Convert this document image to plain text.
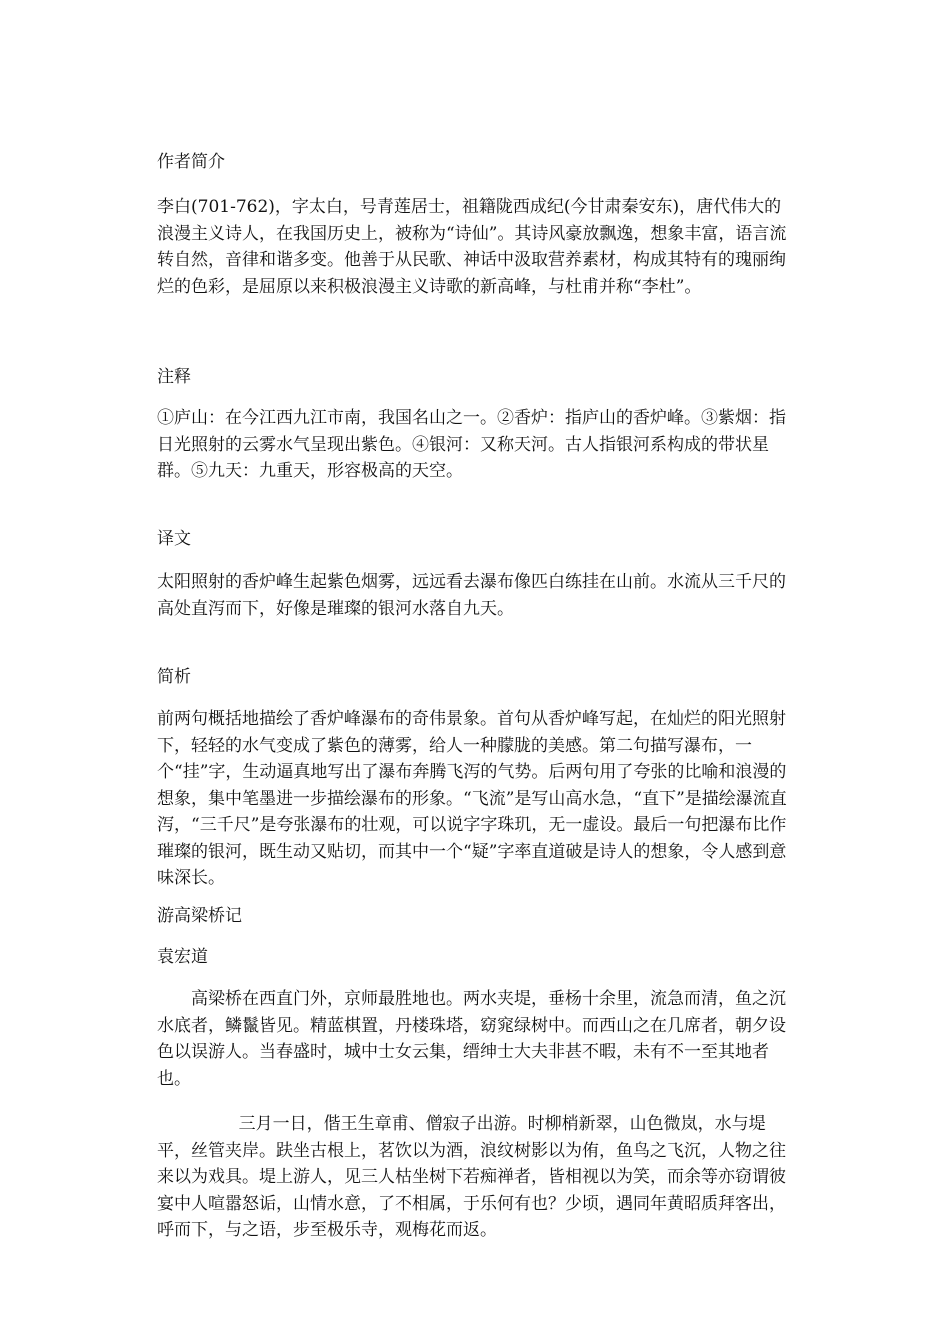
作者简介

李白(701-762)，字太白，号青莲居士，祖籍陇西成纪(今甘肃秦安东)，唐代伟大的浪漫主义诗人，在我国历史上，被称为“诗仙”。其诗风豪放飘逸，想象丰富，语言流转自然，音律和谐多变。他善于从民歌、神话中汲取营养素材，构成其特有的瑰丽绚烂的色彩，是屈原以来积极浪漫主义诗歌的新高峰，与杜甫并称“李杜”。

注释

①庐山：在今江西九江市南，我国名山之一。②香炉：指庐山的香炉峰。③紫烟：指日光照射的云雾水气呈现出紫色。④银河：又称天河。古人指银河系构成的带状星群。⑤九天：九重天，形容极高的天空。

译文

太阳照射的香炉峰生起紫色烟雾，远远看去瀑布像匹白练挂在山前。水流从三千尺的高处直泻而下，好像是璀璨的银河水落自九天。

简析

前两句概括地描绘了香炉峰瀑布的奇伟景象。首句从香炉峰写起，在灿烂的阳光照射下，轻轻的水气变成了紫色的薄雾，给人一种朦胧的美感。第二句描写瀑布，一个“挂”字，生动逼真地写出了瀑布奔腾飞泻的气势。后两句用了夸张的比喻和浪漫的想象，集中笔墨进一步描绘瀑布的形象。“飞流”是写山高水急，“直下”是描绘瀑流直泻，“三千尺”是夸张瀑布的壮观，可以说字字珠玑，无一虚设。最后一句把瀑布比作璀璨的银河，既生动又贴切，而其中一个“疑”字率直道破是诗人的想象，令人感到意味深长。

游高梁桥记

袁宏道

高梁桥在西直门外，京师最胜地也。两水夹堤，垂杨十余里，流急而清，鱼之沉水底者，鳞鬣皆见。精蓝棋置，丹楼珠塔，窈窕绿树中。而西山之在几席者，朝夕设色以误游人。当春盛时，城中士女云集，缙绅士大夫非甚不暇，未有不一至其地者也。

三月一日，偕王生章甫、僧寂子出游。时柳梢新翠，山色微岚，水与堤平，丝管夹岸。趺坐古根上，茗饮以为酒，浪纹树影以为侑，鱼鸟之飞沉，人物之往来以为戏具。堤上游人，见三人枯坐树下若痴禅者，皆相视以为笑，而余等亦窃谓彼宴中人喧嚣怒诟，山情水意，了不相属，于乐何有也？少顷，遇同年黄昭质拜客出，呼而下，与之语，步至极乐寺，观梅花而返。
